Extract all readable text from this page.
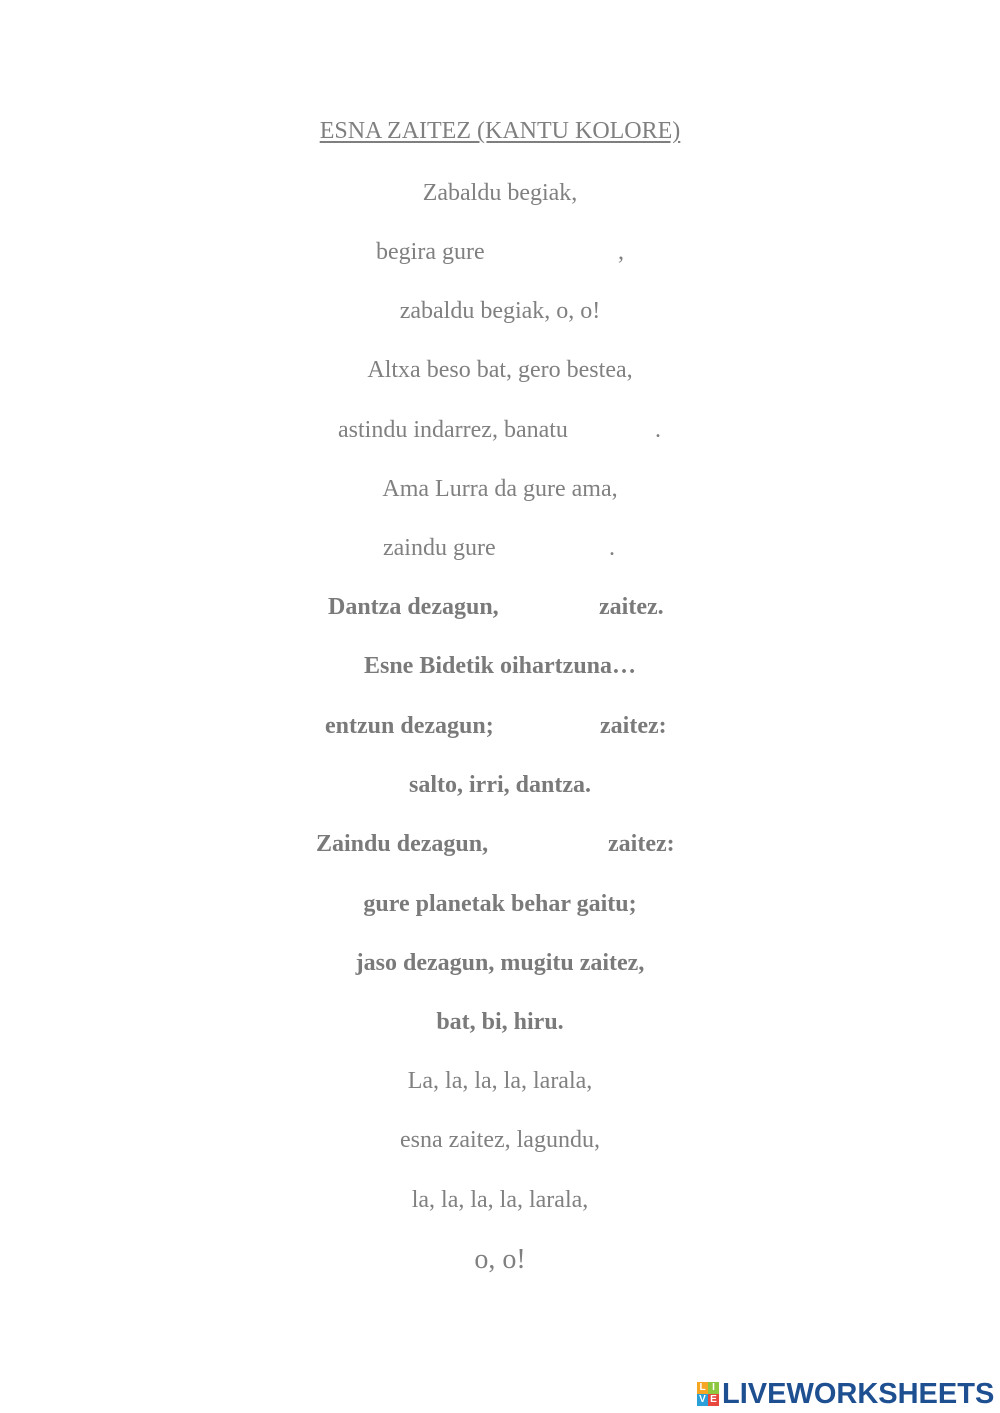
ESNA ZAITEZ (KANTU KOLORE)
Zabaldu begiak,
begira gure	,
zabaldu begiak, o, o!
Altxa beso bat, gero bestea,
astindu indarrez, banatu	.
Ama Lurra da gure ama,
zaindu gure	.
Dantza dezagun,	zaitez.
Esne Bidetik oihartzuna…
entzun dezagun;	zaitez:
salto, irri, dantza.
Zaindu dezagun,	zaitez:
gure planetak behar gaitu;
jaso dezagun, mugitu zaitez,
bat, bi, hiru.
La, la, la, la, larala,
esna zaitez, lagundu,
la, la, la, la, larala,
o, o!
L I
V E LIVEWORKSHEETS
